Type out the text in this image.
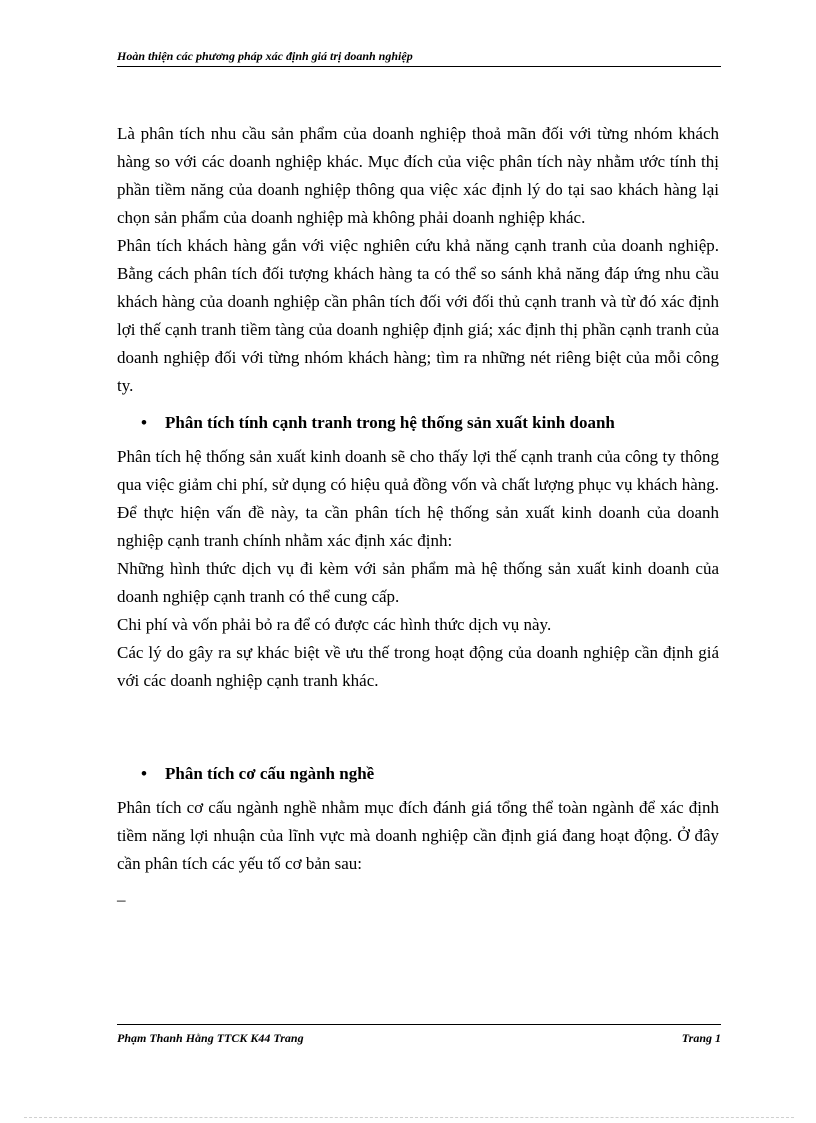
Hoàn thiện các phương pháp xác định giá trị doanh nghiệp

Là phân tích nhu cầu sản phẩm của doanh nghiệp thoả mãn đối với từng nhóm khách hàng so với các doanh nghiệp khác. Mục đích của việc phân tích này nhằm ước tính thị phần tiềm năng của doanh nghiệp thông qua việc xác định lý do tại sao khách hàng lại chọn sản phẩm của doanh nghiệp mà không phải doanh nghiệp khác.

Phân tích khách hàng gắn với việc nghiên cứu khả năng cạnh tranh của doanh nghiệp. Bằng cách phân tích đối tượng khách hàng ta có thể so sánh khả năng đáp ứng nhu cầu khách hàng của doanh nghiệp cần phân tích đối với đối thủ cạnh tranh và từ đó xác định lợi thế cạnh tranh tiềm tàng của doanh nghiệp định giá; xác định thị phần cạnh tranh của doanh nghiệp đối với từng nhóm khách hàng; tìm ra những nét riêng biệt của mỗi công ty.

•	Phân tích tính cạnh tranh trong hệ thống sản xuất kinh doanh

Phân tích hệ thống sản xuất kinh doanh sẽ cho thấy lợi thế cạnh tranh của công ty thông qua việc giảm chi phí, sử dụng có hiệu quả đồng vốn và chất lượng phục vụ khách hàng. Để thực hiện vấn đề này, ta cần phân tích hệ thống sản xuất kinh doanh của doanh nghiệp cạnh tranh chính nhằm xác định xác định:

Những hình thức dịch vụ đi kèm với sản phẩm mà hệ thống sản xuất kinh doanh của doanh nghiệp cạnh tranh có thể cung cấp.

Chi phí và vốn phải bỏ ra để có được các hình thức dịch vụ này.

Các lý do gây ra sự khác biệt về ưu thế trong hoạt động của doanh nghiệp cần định giá với các doanh nghiệp cạnh tranh khác.

•	Phân tích cơ cấu ngành nghề

Phân tích cơ cấu ngành nghề nhằm mục đích đánh giá tổng thể toàn ngành để xác định tiềm năng lợi nhuận của lĩnh vực mà doanh nghiệp cần định giá đang hoạt động. Ở đây cần phân tích các yếu tố cơ bản sau:

–
Phạm Thanh Hằng TTCK K44 Trang	Trang 1
